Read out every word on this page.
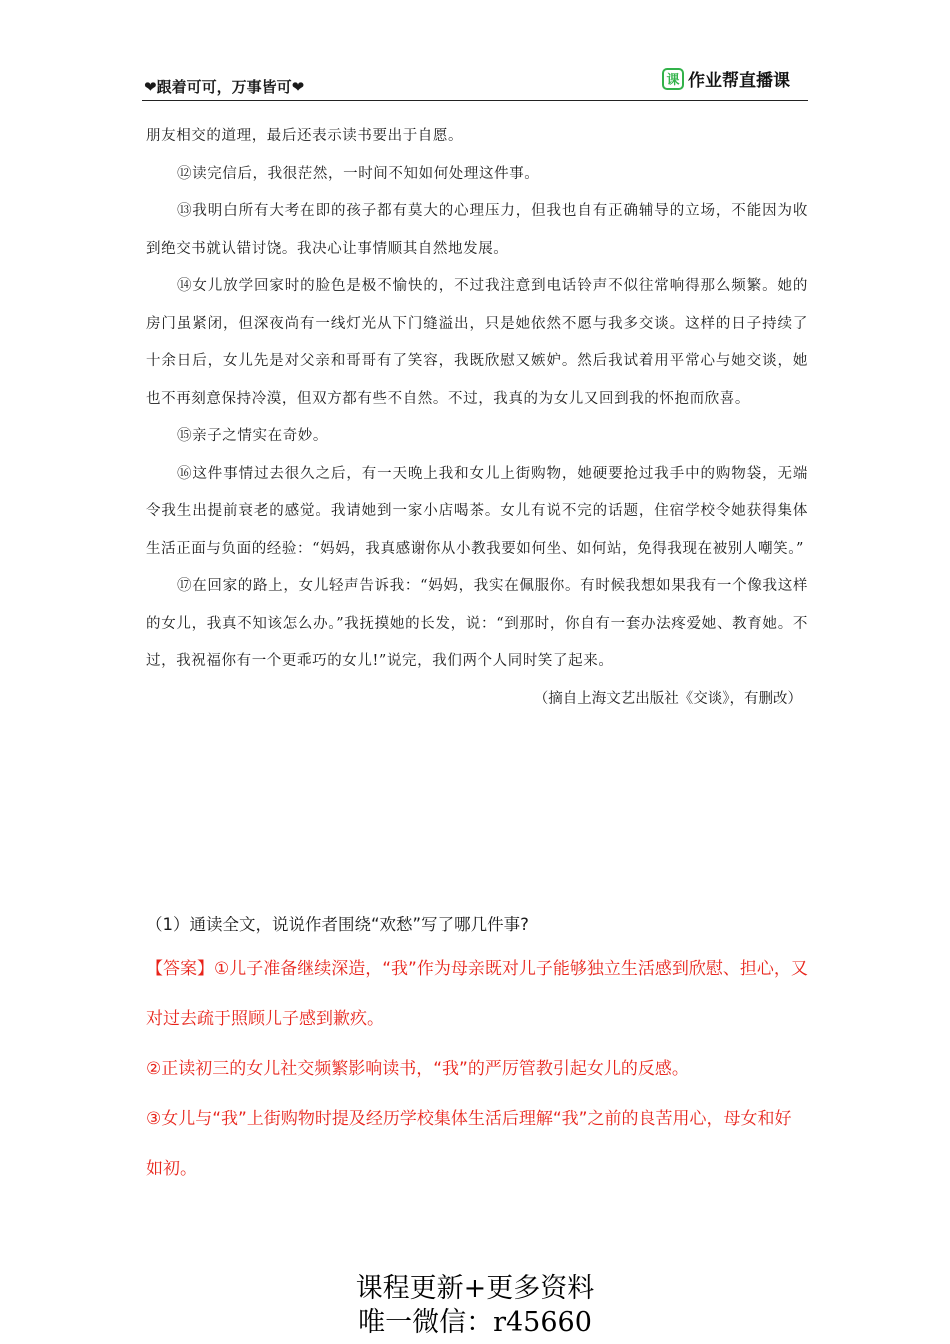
❤跟着可可，万事皆可❤	课 作业帮直播课

朋友相交的道理，最后还表示读书要出于自愿。

⑫读完信后，我很茫然，一时间不知如何处理这件事。

⑬我明白所有大考在即的孩子都有莫大的心理压力，但我也自有正确辅导的立场，不能因为收到绝交书就认错讨饶。我决心让事情顺其自然地发展。

⑭女儿放学回家时的脸色是极不愉快的，不过我注意到电话铃声不似往常响得那么频繁。她的房门虽紧闭，但深夜尚有一线灯光从下门缝溢出，只是她依然不愿与我多交谈。这样的日子持续了十余日后，女儿先是对父亲和哥哥有了笑容，我既欣慰又嫉妒。然后我试着用平常心与她交谈，她也不再刻意保持冷漠，但双方都有些不自然。不过，我真的为女儿又回到我的怀抱而欣喜。

⑮亲子之情实在奇妙。

⑯这件事情过去很久之后，有一天晚上我和女儿上街购物，她硬要抢过我手中的购物袋，无端令我生出提前衰老的感觉。我请她到一家小店喝茶。女儿有说不完的话题，住宿学校令她获得集体生活正面与负面的经验：“妈妈，我真感谢你从小教我要如何坐、如何站，免得我现在被别人嘲笑。”

⑰在回家的路上，女儿轻声告诉我：“妈妈，我实在佩服你。有时候我想如果我有一个像我这样的女儿，我真不知该怎么办。”我抚摸她的长发，说：“到那时，你自有一套办法疼爱她、教育她。不过，我祝福你有一个更乖巧的女儿!”说完，我们两个人同时笑了起来。

（摘自上海文艺出版社《交谈》，有删改）

（1）通读全文，说说作者围绕“欢愁”写了哪几件事?

【答案】①儿子准备继续深造，“我”作为母亲既对儿子能够独立生活感到欣慰、担心，又对过去疏于照顾儿子感到歉疚。

②正读初三的女儿社交频繁影响读书，“我”的严厉管教引起女儿的反感。

③女儿与“我”上街购物时提及经历学校集体生活后理解“我”之前的良苦用心，母女和好如初。

课程更新+更多资料
唯一微信：r45660
